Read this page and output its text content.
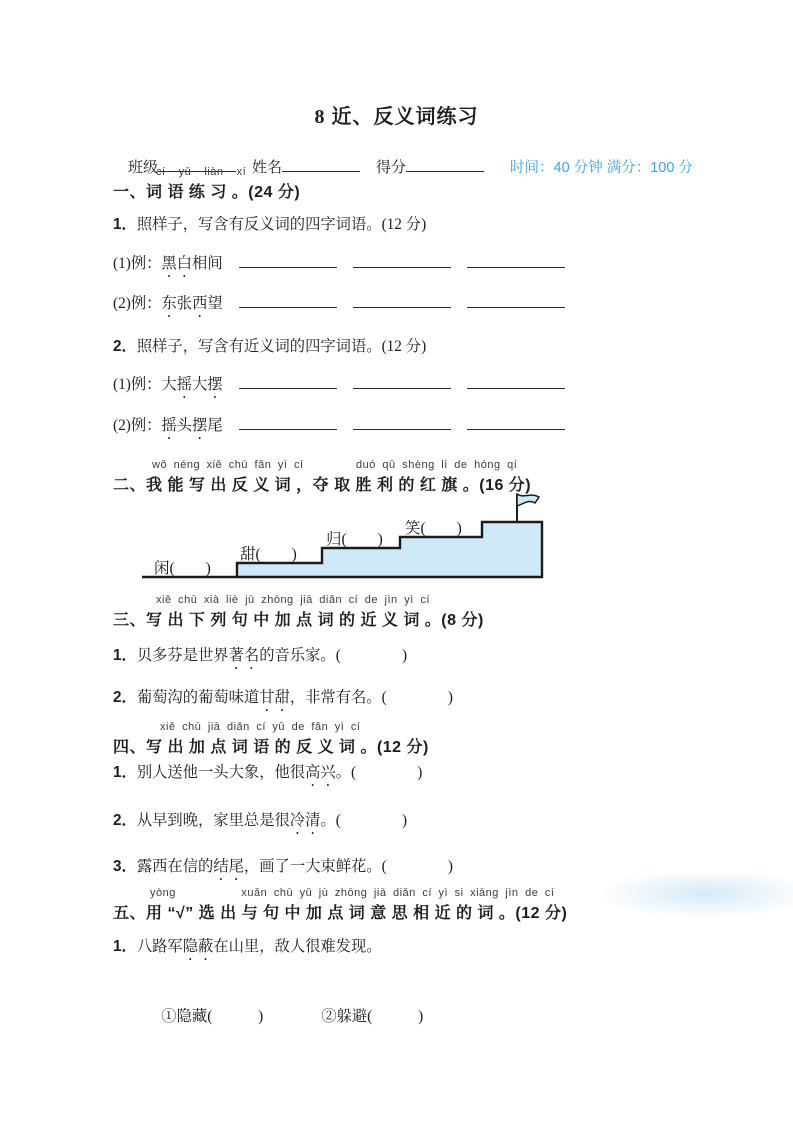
8 近、反义词练习

班级	姓名	得分	时间：40 分钟 满分：100 分

cí  yǔ  liàn  xí
一、词 语 练 习 。(24 分)
1．照样子，写含有反义词的四字词语。(12 分)
(1)例：黑白相间
(2)例：东张西望
2．照样子，写含有近义词的四字词语。(12 分)
(1)例：大摇大摆
(2)例：摇头摆尾
wǒ néng xiě chū fǎn yì cí        duó qǔ shèng lì de hóng qí
二、我 能 写 出 反 义 词 ，夺 取 胜 利 的 红 旗 。(16 分)
闲(　　)
甜(　　)
归(　　)
笑(　　)
xiě chū xià liè jù zhōng jiā diǎn cí de jìn yì cí
三、写 出 下 列 句 中 加 点 词 的 近 义 词 。(8 分)
1．贝多芬是世界著名的音乐家。(　　　　)
2．葡萄沟的葡萄味道甘甜，非常有名。(　　　　)
xiě chū jiā diǎn cí yǔ de fǎn yì cí
四、写 出 加 点 词 语 的 反 义 词 。(12 分)
1．别人送他一头大象，他很高兴。(　　　　)
2．从早到晚，家里总是很冷清。(　　　　)
3．露西在信的结尾，画了一大束鲜花。(　　　　)
yòng          xuǎn chū yǔ jù zhōng jiā diǎn cí yì si xiāng jìn de cí
五、用 “√” 选 出 与 句 中 加 点 词 意 思 相 近 的 词 。(12 分)
1．八路军隐蔽在山里，敌人很难发现。

①隐藏(　　　)	②躲避(　　　)
